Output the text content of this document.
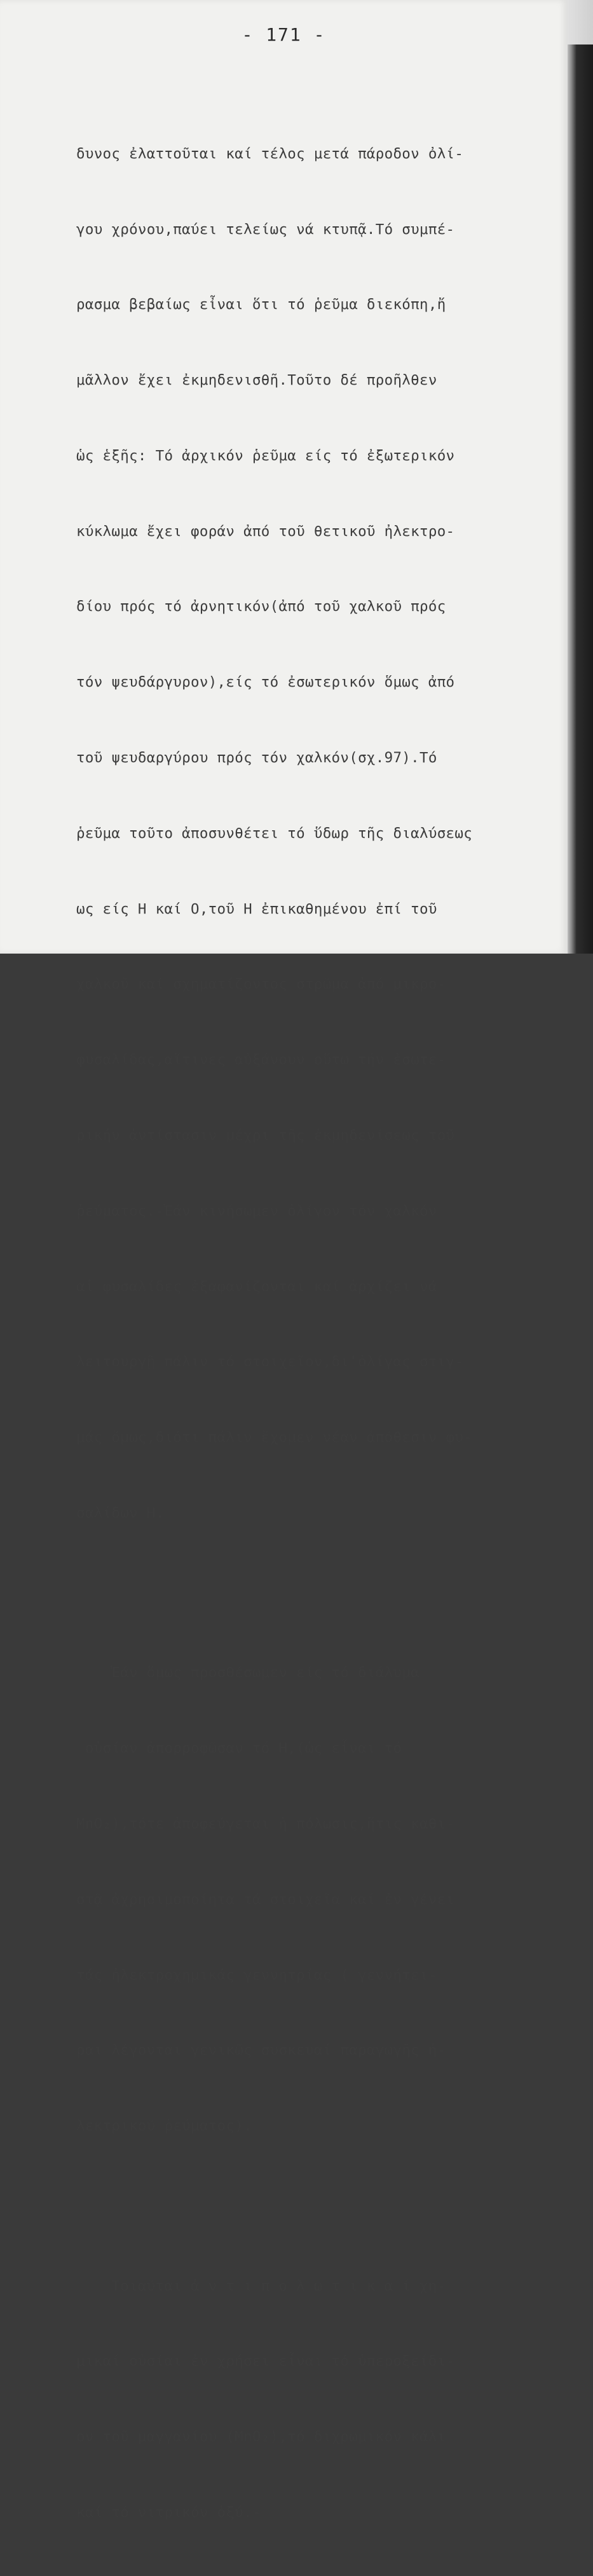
- 171 -

δυνος ἐλαττοῦται καί τέλος μετά πάροδον ὀλί-

γου χρόνου,παύει τελείως νά κτυπᾷ.Τό συμπέ-

ρασμα βεβαίως εἶναι ὅτι τό ῥεῦμα διεκόπη,ἤ

μᾶλλον ἔχει ἐκμηδενισθῆ.Τοῦτο δέ προῆλθεν

ὡς ἑξῆς: Τό ἀρχικόν ῥεῦμα είς τό ἐξωτερικόν

κύκλωμα ἔχει φοράν ἀπό τοῦ θετικοῦ ἠλεκτρο-

δίου πρός τό ἀρνητικόν(ἀπό τοῦ χαλκοῦ πρός

τόν ψευδάργυρον),είς τό ἐσωτερικόν ὅμως ἀπό

τοῦ ψευδαργύρου πρός τόν χαλκόν(σχ.97).Τό

ῥεῦμα τοῦτο ἀποσυνθέτει τό ὕδωρ τῆς διαλύσεως

ως είς Η καί Ο,τοῦ Η ἐπικαθημένου ἐπί τοῦ

χαλκοῦ καί σχηματίζοντος στρῶμα ἀπό μικρο-

φυσαλίδας,αἵτινες αὐξάνουν οὕτω τήν ἐσωτε-

ρικήν ἀντίστασιν μέχρι τῆς ἐκμηδενίσεως τοῦ

ῥεύματος.-Ἐάν κινήσωμεν ὀλίγον τόν χαλκόν

αἱ φυσαλίδες ἐξαφανίζονται καί ἀρχίζει νά

λειτουργῇ πάλιν τό στοιχεῖον,δι'ὀλίγας στιγ-

μάς ὅμως,διότι πάλιν ἔχομεν νέαν ἀπόθεσιν φυ-

σαλίδων Η.

Ἐάν ὅμως προσθέσωμεν είς τό διάλυμα

οὐσίαν ἀπορροφῶσαν τό Η,(ὡς εἶναι τό

ΜnO₂),τότε ἀποφεύγεται ἡ πόλωσις,ἥτις καθι-

στᾷ ἀχρησιμοποίητα τά στοιχεῖα καί ἐν γένει

τάς ἠλεκτροχημικάς γεννητρίας ( γεννήτει-

ραι λέγονται γενικῶς συσκευαί παραγωγῆς ἠ-

λεκτρικοῦ ῥεύματος).

Τοιαῦται ἀ ν τ ι π ο λ ω τ ι κ α ί χη-

μικαί οὐσίαι ἐν χρήσει εἶναι τό ὑπεροξείδι-

ον τοῦ μαγγανίου (ΜnO₂),τό διχρωμικόν κάλι

καί τό νιτρικόν ὀξύ.-
